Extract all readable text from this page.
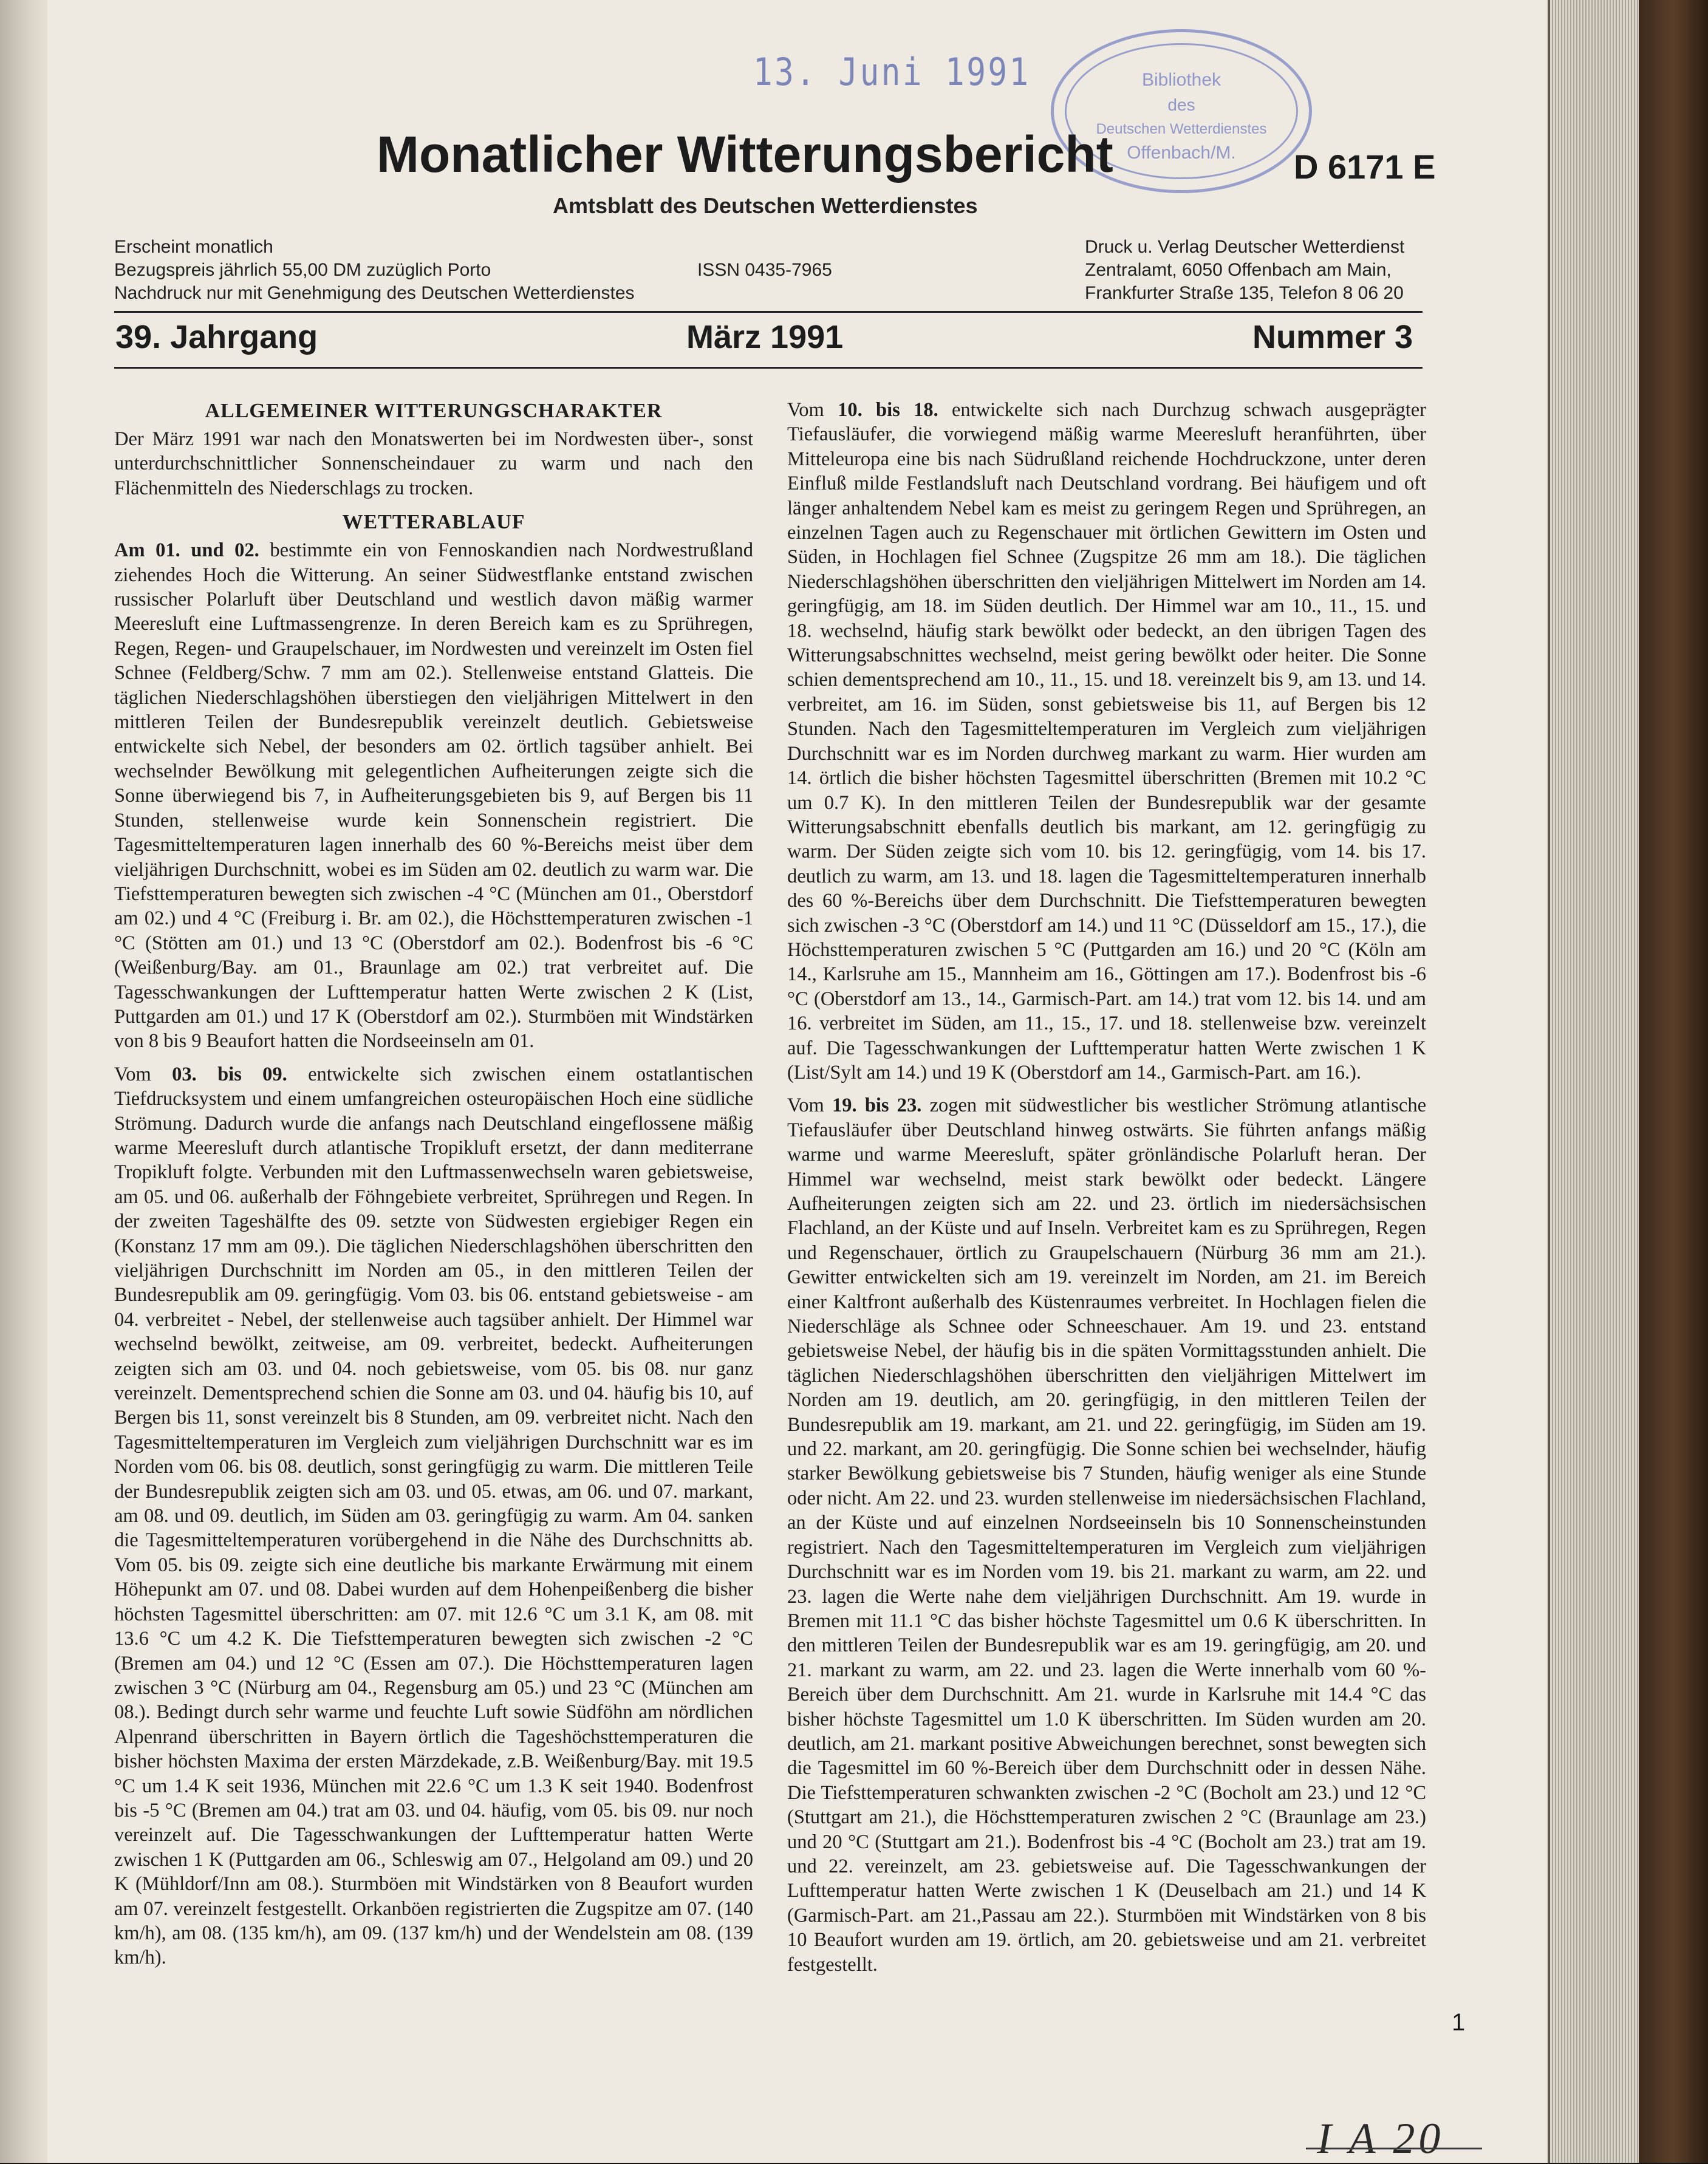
13. Juni 1991	Bibliothek
des
Deutschen Wetterdienstes
Offenbach/M.
Monatlicher Witterungsbericht	D 6171 E
Amtsblatt des Deutschen Wetterdienstes
Erscheint monatlich
Bezugspreis jährlich 55,00 DM zuzüglich Porto
Nachdruck nur mit Genehmigung des Deutschen Wetterdienstes
ISSN 0435-7965
Druck u. Verlag Deutscher Wetterdienst
Zentralamt, 6050 Offenbach am Main,
Frankfurter Straße 135, Telefon 8 06 20
39. Jahrgang	März 1991	Nummer 3
ALLGEMEINER WITTERUNGSCHARAKTER

Der März 1991 war nach den Monatswerten bei im Nordwesten über-, sonst unterdurchschnittlicher Sonnenscheindauer zu warm und nach den Flächenmitteln des Niederschlags zu trocken.

WETTERABLAUF

Am 01. und 02. bestimmte ein von Fennoskandien nach Nordwestrußland ziehendes Hoch die Witterung. An seiner Südwestflanke entstand zwischen russischer Polarluft über Deutschland und westlich davon mäßig warmer Meeresluft eine Luftmassengrenze. In deren Bereich kam es zu Sprühregen, Regen, Regen- und Graupelschauer, im Nordwesten und vereinzelt im Osten fiel Schnee (Feldberg/Schw. 7 mm am 02.). Stellenweise entstand Glatteis. Die täglichen Niederschlagshöhen überstiegen den vieljährigen Mittelwert in den mittleren Teilen der Bundesrepublik vereinzelt deutlich. Gebietsweise entwickelte sich Nebel, der besonders am 02. örtlich tagsüber anhielt. Bei wechselnder Bewölkung mit gelegentlichen Aufheiterungen zeigte sich die Sonne überwiegend bis 7, in Aufheiterungsgebieten bis 9, auf Bergen bis 11 Stunden, stellenweise wurde kein Sonnenschein registriert. Die Tagesmitteltemperaturen lagen innerhalb des 60 %-Bereichs meist über dem vieljährigen Durchschnitt, wobei es im Süden am 02. deutlich zu warm war. Die Tiefsttemperaturen bewegten sich zwischen -4 °C (München am 01., Oberstdorf am 02.) und 4 °C (Freiburg i. Br. am 02.), die Höchsttemperaturen zwischen -1 °C (Stötten am 01.) und 13 °C (Oberstdorf am 02.). Bodenfrost bis -6 °C (Weißenburg/Bay. am 01., Braunlage am 02.) trat verbreitet auf. Die Tagesschwankungen der Lufttemperatur hatten Werte zwischen 2 K (List, Puttgarden am 01.) und 17 K (Oberstdorf am 02.). Sturmböen mit Windstärken von 8 bis 9 Beaufort hatten die Nordseeinseln am 01.

Vom 03. bis 09. entwickelte sich zwischen einem ostatlantischen Tiefdrucksystem und einem umfangreichen osteuropäischen Hoch eine südliche Strömung. Dadurch wurde die anfangs nach Deutschland eingeflossene mäßig warme Meeresluft durch atlantische Tropikluft ersetzt, der dann mediterrane Tropikluft folgte. Verbunden mit den Luftmassenwechseln waren gebietsweise, am 05. und 06. außerhalb der Föhngebiete verbreitet, Sprühregen und Regen. In der zweiten Tageshälfte des 09. setzte von Südwesten ergiebiger Regen ein (Konstanz 17 mm am 09.). Die täglichen Niederschlagshöhen überschritten den vieljährigen Durchschnitt im Norden am 05., in den mittleren Teilen der Bundesrepublik am 09. geringfügig. Vom 03. bis 06. entstand gebietsweise - am 04. verbreitet - Nebel, der stellenweise auch tagsüber anhielt. Der Himmel war wechselnd bewölkt, zeitweise, am 09. verbreitet, bedeckt. Aufheiterungen zeigten sich am 03. und 04. noch gebietsweise, vom 05. bis 08. nur ganz vereinzelt. Dementsprechend schien die Sonne am 03. und 04. häufig bis 10, auf Bergen bis 11, sonst vereinzelt bis 8 Stunden, am 09. verbreitet nicht. Nach den Tagesmitteltemperaturen im Vergleich zum vieljährigen Durchschnitt war es im Norden vom 06. bis 08. deutlich, sonst geringfügig zu warm. Die mittleren Teile der Bundesrepublik zeigten sich am 03. und 05. etwas, am 06. und 07. markant, am 08. und 09. deutlich, im Süden am 03. geringfügig zu warm. Am 04. sanken die Tagesmitteltemperaturen vorübergehend in die Nähe des Durchschnitts ab. Vom 05. bis 09. zeigte sich eine deutliche bis markante Erwärmung mit einem Höhepunkt am 07. und 08. Dabei wurden auf dem Hohenpeißenberg die bisher höchsten Tagesmittel überschritten: am 07. mit 12.6 °C um 3.1 K, am 08. mit 13.6 °C um 4.2 K. Die Tiefsttemperaturen bewegten sich zwischen -2 °C (Bremen am 04.) und 12 °C (Essen am 07.). Die Höchsttemperaturen lagen zwischen 3 °C (Nürburg am 04., Regensburg am 05.) und 23 °C (München am 08.). Bedingt durch sehr warme und feuchte Luft sowie Südföhn am nördlichen Alpenrand überschritten in Bayern örtlich die Tageshöchsttemperaturen die bisher höchsten Maxima der ersten Märzdekade, z.B. Weißenburg/Bay. mit 19.5 °C um 1.4 K seit 1936, München mit 22.6 °C um 1.3 K seit 1940. Bodenfrost bis -5 °C (Bremen am 04.) trat am 03. und 04. häufig, vom 05. bis 09. nur noch vereinzelt auf. Die Tagesschwankungen der Lufttemperatur hatten Werte zwischen 1 K (Puttgarden am 06., Schleswig am 07., Helgoland am 09.) und 20 K (Mühldorf/Inn am 08.). Sturmböen mit Windstärken von 8 Beaufort wurden am 07. vereinzelt festgestellt. Orkanböen registrierten die Zugspitze am 07. (140 km/h), am 08. (135 km/h), am 09. (137 km/h) und der Wendelstein am 08. (139 km/h).

Vom 10. bis 18. entwickelte sich nach Durchzug schwach ausgeprägter Tiefausläufer, die vorwiegend mäßig warme Meeresluft heranführten, über Mitteleuropa eine bis nach Südrußland reichende Hochdruckzone, unter deren Einfluß milde Festlandsluft nach Deutschland vordrang. Bei häufigem und oft länger anhaltendem Nebel kam es meist zu geringem Regen und Sprühregen, an einzelnen Tagen auch zu Regenschauer mit örtlichen Gewittern im Osten und Süden, in Hochlagen fiel Schnee (Zugspitze 26 mm am 18.). Die täglichen Niederschlagshöhen überschritten den vieljährigen Mittelwert im Norden am 14. geringfügig, am 18. im Süden deutlich. Der Himmel war am 10., 11., 15. und 18. wechselnd, häufig stark bewölkt oder bedeckt, an den übrigen Tagen des Witterungsabschnittes wechselnd, meist gering bewölkt oder heiter. Die Sonne schien dementsprechend am 10., 11., 15. und 18. vereinzelt bis 9, am 13. und 14. verbreitet, am 16. im Süden, sonst gebietsweise bis 11, auf Bergen bis 12 Stunden. Nach den Tagesmitteltemperaturen im Vergleich zum vieljährigen Durchschnitt war es im Norden durchweg markant zu warm. Hier wurden am 14. örtlich die bisher höchsten Tagesmittel überschritten (Bremen mit 10.2 °C um 0.7 K). In den mittleren Teilen der Bundesrepublik war der gesamte Witterungsabschnitt ebenfalls deutlich bis markant, am 12. geringfügig zu warm. Der Süden zeigte sich vom 10. bis 12. geringfügig, vom 14. bis 17. deutlich zu warm, am 13. und 18. lagen die Tagesmitteltemperaturen innerhalb des 60 %-Bereichs über dem Durchschnitt. Die Tiefsttemperaturen bewegten sich zwischen -3 °C (Oberstdorf am 14.) und 11 °C (Düsseldorf am 15., 17.), die Höchsttemperaturen zwischen 5 °C (Puttgarden am 16.) und 20 °C (Köln am 14., Karlsruhe am 15., Mannheim am 16., Göttingen am 17.). Bodenfrost bis -6 °C (Oberstdorf am 13., 14., Garmisch-Part. am 14.) trat vom 12. bis 14. und am 16. verbreitet im Süden, am 11., 15., 17. und 18. stellenweise bzw. vereinzelt auf. Die Tagesschwankungen der Lufttemperatur hatten Werte zwischen 1 K (List/Sylt am 14.) und 19 K (Oberstdorf am 14., Garmisch-Part. am 16.).

Vom 19. bis 23. zogen mit südwestlicher bis westlicher Strömung atlantische Tiefausläufer über Deutschland hinweg ostwärts. Sie führten anfangs mäßig warme und warme Meeresluft, später grönländische Polarluft heran. Der Himmel war wechselnd, meist stark bewölkt oder bedeckt. Längere Aufheiterungen zeigten sich am 22. und 23. örtlich im niedersächsischen Flachland, an der Küste und auf Inseln. Verbreitet kam es zu Sprühregen, Regen und Regenschauer, örtlich zu Graupelschauern (Nürburg 36 mm am 21.). Gewitter entwickelten sich am 19. vereinzelt im Norden, am 21. im Bereich einer Kaltfront außerhalb des Küstenraumes verbreitet. In Hochlagen fielen die Niederschläge als Schnee oder Schneeschauer. Am 19. und 23. entstand gebietsweise Nebel, der häufig bis in die späten Vormittagsstunden anhielt. Die täglichen Niederschlagshöhen überschritten den vieljährigen Mittelwert im Norden am 19. deutlich, am 20. geringfügig, in den mittleren Teilen der Bundesrepublik am 19. markant, am 21. und 22. geringfügig, im Süden am 19. und 22. markant, am 20. geringfügig. Die Sonne schien bei wechselnder, häufig starker Bewölkung gebietsweise bis 7 Stunden, häufig weniger als eine Stunde oder nicht. Am 22. und 23. wurden stellenweise im niedersächsischen Flachland, an der Küste und auf einzelnen Nordseeinseln bis 10 Sonnenscheinstunden registriert. Nach den Tagesmitteltemperaturen im Vergleich zum vieljährigen Durchschnitt war es im Norden vom 19. bis 21. markant zu warm, am 22. und 23. lagen die Werte nahe dem vieljährigen Durchschnitt. Am 19. wurde in Bremen mit 11.1 °C das bisher höchste Tagesmittel um 0.6 K überschritten. In den mittleren Teilen der Bundesrepublik war es am 19. geringfügig, am 20. und 21. markant zu warm, am 22. und 23. lagen die Werte innerhalb vom 60 %-Bereich über dem Durchschnitt. Am 21. wurde in Karlsruhe mit 14.4 °C das bisher höchste Tagesmittel um 1.0 K überschritten. Im Süden wurden am 20. deutlich, am 21. markant positive Abweichungen berechnet, sonst bewegten sich die Tagesmittel im 60 %-Bereich über dem Durchschnitt oder in dessen Nähe. Die Tiefsttemperaturen schwankten zwischen -2 °C (Bocholt am 23.) und 12 °C (Stuttgart am 21.), die Höchsttemperaturen zwischen 2 °C (Braunlage am 23.) und 20 °C (Stuttgart am 21.). Bodenfrost bis -4 °C (Bocholt am 23.) trat am 19. und 22. vereinzelt, am 23. gebietsweise auf. Die Tagesschwankungen der Lufttemperatur hatten Werte zwischen 1 K (Deuselbach am 21.) und 14 K (Garmisch-Part. am 21.,Passau am 22.). Sturmböen mit Windstärken von 8 bis 10 Beaufort wurden am 19. örtlich, am 20. gebietsweise und am 21. verbreitet festgestellt.

1
I A 20
